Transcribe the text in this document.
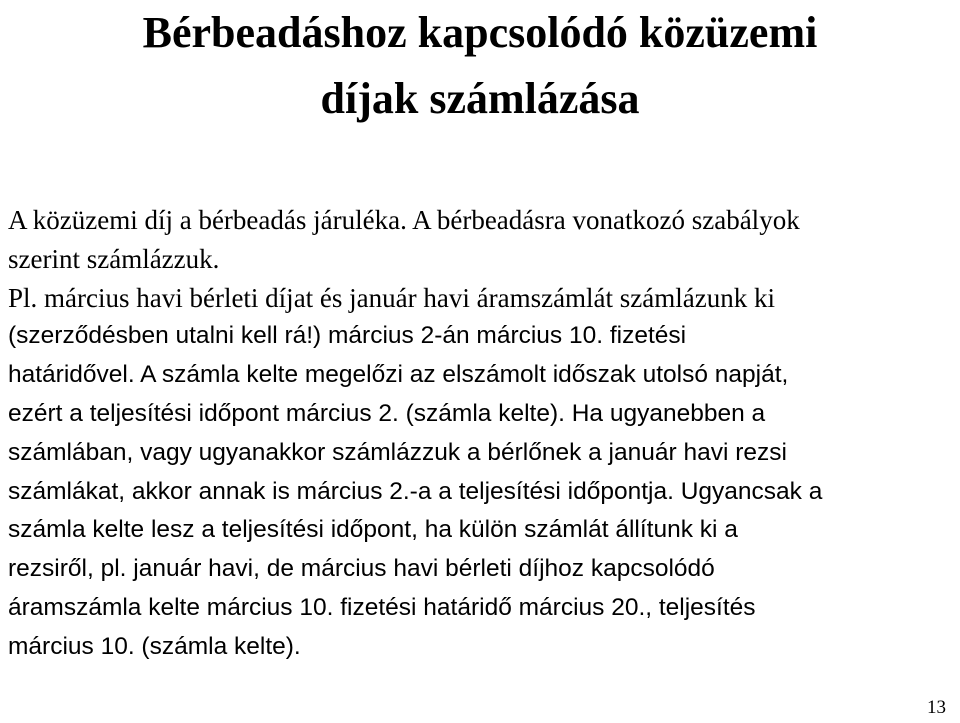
Bérbeadáshoz kapcsolódó közüzemi
díjak számlázása
A közüzemi díj a bérbeadás járuléka. A bérbeadásra vonatkozó szabályok
szerint számlázzuk.
Pl. március havi bérleti díjat és január havi áramszámlát számlázunk ki
(szerződésben utalni kell rá!) március 2-án március 10. fizetési
határidővel. A számla kelte megelőzi az elszámolt időszak utolsó napját,
ezért a teljesítési időpont március 2. (számla kelte). Ha ugyanebben a
számlában, vagy ugyanakkor számlázzuk a bérlőnek a január havi rezsi
számlákat, akkor annak is március 2.-a a teljesítési időpontja. Ugyancsak a
számla kelte lesz a teljesítési időpont, ha külön számlát állítunk ki a
rezsiről, pl. január havi, de március havi bérleti díjhoz kapcsolódó
áramszámla kelte március 10. fizetési határidő március 20., teljesítés
március 10. (számla kelte).
13
